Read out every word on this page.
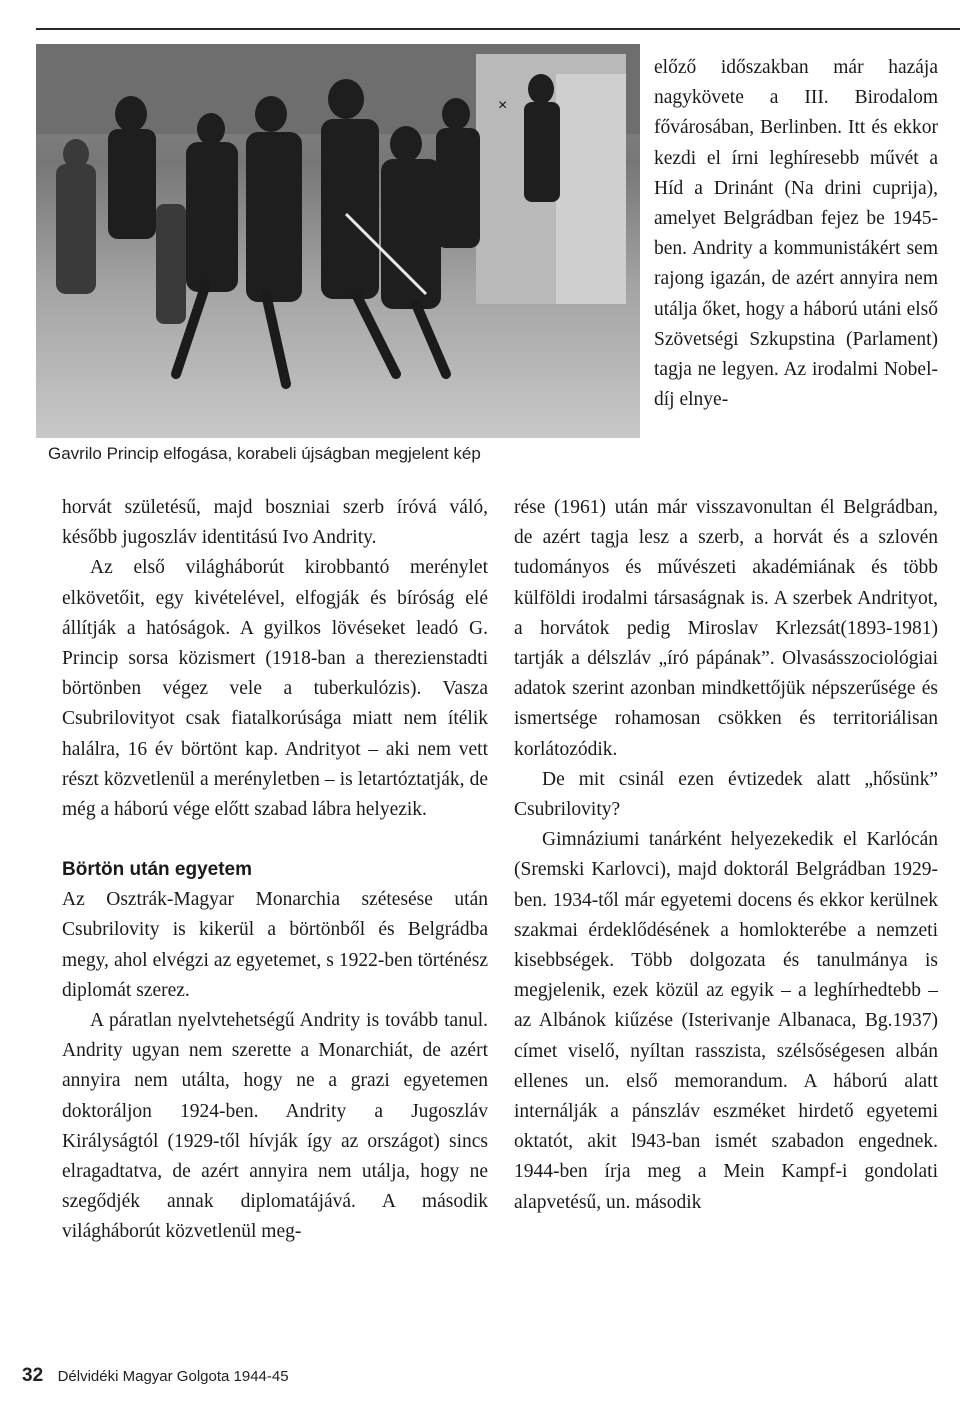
×
Gavrilo Princip elfogása, korabeli újságban megjelent kép

előző időszakban már hazája nagykövete a III. Birodalom fővárosában, Berlinben. Itt és ekkor kezdi el írni leghíresebb művét a Híd a Drinánt (Na drini cuprija), amelyet Belgrádban fejez be 1945-ben. Andrity a kommunistákért sem rajong igazán, de azért annyira nem utálja őket, hogy a háború utáni első Szövetségi Szkupstina (Parlament) tagja ne legyen. Az irodalmi Nobel-díj elnye-

horvát születésű, majd boszniai szerb íróvá váló, később jugoszláv identitású Ivo Andrity.

Az első világháborút kirobbantó merénylet elkövetőit, egy kivételével, elfogják és bíróság elé állítják a hatóságok. A gyilkos lövéseket leadó G. Princip sorsa közismert (1918-ban a therezienstadti börtönben végez vele a tuberkulózis). Vasza Csubrilovityot csak fiatalkorúsága miatt nem ítélik halálra, 16 év börtönt kap. Andrityot – aki nem vett részt közvetlenül a merényletben – is letartóztatják, de még a háború vége előtt szabad lábra helyezik.

Börtön után egyetem

Az Osztrák-Magyar Monarchia szétesése után Csubrilovity is kikerül a börtönből és Belgrádba megy, ahol elvégzi az egyetemet, s 1922-ben történész diplomát szerez.

A páratlan nyelvtehetségű Andrity is tovább tanul. Andrity ugyan nem szerette a Monarchiát, de azért annyira nem utálta, hogy ne a grazi egyetemen doktoráljon 1924-ben. Andrity a Jugoszláv Királyságtól (1929-től hívják így az országot) sincs elragadtatva, de azért annyira nem utálja, hogy ne szegődjék annak diplomatájává. A második világháborút közvetlenül meg-

rése (1961) után már visszavonultan él Belgrádban, de azért tagja lesz a szerb, a horvát és a szlovén tudományos és művészeti akadémiának és több külföldi irodalmi társaságnak is. A szerbek Andrityot, a horvátok pedig Miroslav Krlezsát(1893-1981) tartják a délszláv „író pápának”. Olvasásszociológiai adatok szerint azonban mindkettőjük népszerűsége és ismertsége rohamosan csökken és territoriálisan korlátozódik.

De mit csinál ezen évtizedek alatt „hősünk” Csubrilovity?

Gimnáziumi tanárként helyezekedik el Karlócán (Sremski Karlovci), majd doktorál Belgrádban 1929-ben. 1934-től már egyetemi docens és ekkor kerülnek szakmai érdeklődésének a homlokterébe a nemzeti kisebbségek. Több dolgozata és tanulmánya is megjelenik, ezek közül az egyik – a leghírhedtebb – az Albánok kiűzése (Isterivanje Albanaca, Bg.1937) címet viselő, nyíltan rasszista, szélsőségesen albán ellenes un. első memorandum. A háború alatt internálják a pánszláv eszméket hirdető egyetemi oktatót, akit l943-ban ismét szabadon engednek. 1944-ben írja meg a Mein Kampf-i gondolati alapvetésű, un. második

32 Délvidéki Magyar Golgota 1944-45
